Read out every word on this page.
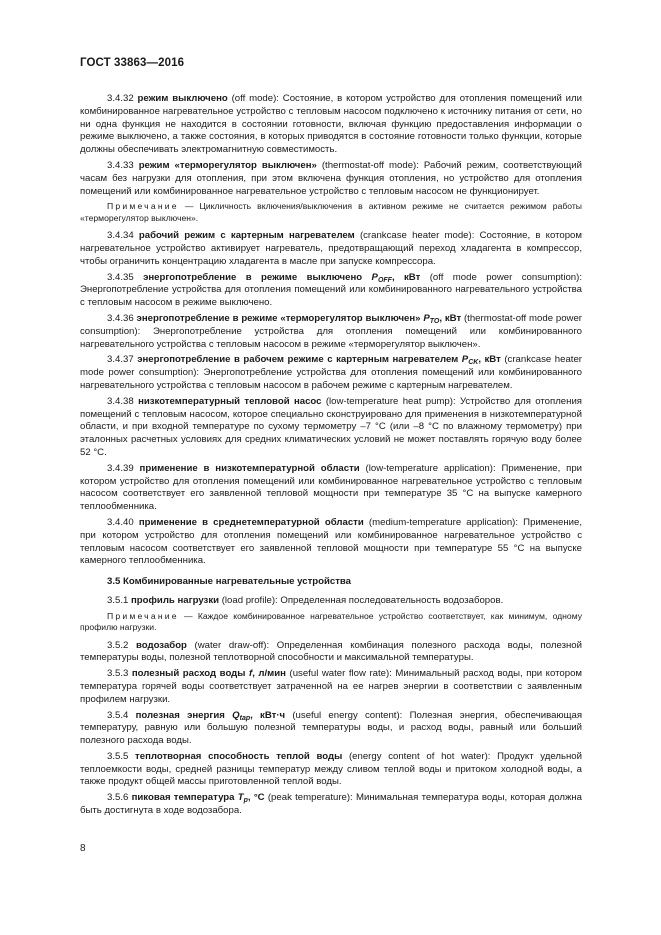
ГОСТ 33863—2016

3.4.32 режим выключено (off mode): Состояние, в котором устройство для отопления помещений или комбинированное нагревательное устройство с тепловым насосом подключено к источнику питания от сети, но ни одна функция не находится в состоянии готовности, включая функцию предоставления информации о режиме выключено, а также состояния, в которых приводятся в состояние готовности только функции, которые должны обеспечивать электромагнитную совместимость.

3.4.33 режим «терморегулятор выключен» (thermostat-off mode): Рабочий режим, соответствующий часам без нагрузки для отопления, при этом включена функция отопления, но устройство для отопления помещений или комбинированное нагревательное устройство с тепловым насосом не функционирует.

Примечание — Цикличность включения/выключения в активном режиме не считается режимом работы «терморегулятор выключен».

3.4.34 рабочий режим с картерным нагревателем (crankcase heater mode): Состояние, в котором нагревательное устройство активирует нагреватель, предотвращающий переход хладагента в компрессор, чтобы ограничить концентрацию хладагента в масле при запуске компрессора.

3.4.35 энергопотребление в режиме выключено $P_{OFF}$, кВт (off mode power consumption): Энергопотребление устройства для отопления помещений или комбинированного нагревательного устройства с тепловым насосом в режиме выключено.

3.4.36 энергопотребление в режиме «терморегулятор выключен» $P_{TO}$, кВт (thermostat-off mode power consumption): Энергопотребление устройства для отопления помещений или комбинированного нагревательного устройства с тепловым насосом в режиме «терморегулятор выключен».

3.4.37 энергопотребление в рабочем режиме с картерным нагревателем $P_{CK}$, кВт (crankcase heater mode power consumption): Энергопотребление устройства для отопления помещений или комбинированного нагревательного устройства с тепловым насосом в рабочем режиме с картерным нагревателем.

3.4.38 низкотемпературный тепловой насос (low-temperature heat pump): Устройство для отопления помещений с тепловым насосом, которое специально сконструировано для применения в низкотемпературной области, и при входной температуре по сухому термометру –7 °С (или –8 °С по влажному термометру) при эталонных расчетных условиях для средних климатических условий не может поставлять горячую воду более 52 °С.

3.4.39 применение в низкотемпературной области (low-temperature application): Применение, при котором устройство для отопления помещений или комбинированное нагревательное устройство с тепловым насосом соответствует его заявленной тепловой мощности при температуре 35 °С на выпуске камерного теплообменника.

3.4.40 применение в среднетемпературной области (medium-temperature application): Применение, при котором устройство для отопления помещений или комбинированное нагревательное устройство с тепловым насосом соответствует его заявленной тепловой мощности при температуре 55 °С на выпуске камерного теплообменника.

3.5 Комбинированные нагревательные устройства

3.5.1 профиль нагрузки (load profile): Определенная последовательность водозаборов.

Примечание — Каждое комбинированное нагревательное устройство соответствует, как минимум, одному профилю нагрузки.

3.5.2 водозабор (water draw-off): Определенная комбинация полезного расхода воды, полезной температуры воды, полезной теплотворной способности и максимальной температуры.

3.5.3 полезный расход воды f, л/мин (useful water flow rate): Минимальный расход воды, при котором температура горячей воды соответствует затраченной на ее нагрев энергии в соответствии с заявленным профилем нагрузки.

3.5.4 полезная энергия $Q_{tap}$, кВт·ч (useful energy content): Полезная энергия, обеспечивающая температуру, равную или большую полезной температуры воды, и расход воды, равный или больший полезного расхода воды.

3.5.5 теплотворная способность теплой воды (energy content of hot water): Продукт удельной теплоемкости воды, средней разницы температур между сливом теплой воды и притоком холодной воды, а также продукт общей массы приготовленной теплой воды.

3.5.6 пиковая температура $T_p$, °С (peak temperature): Минимальная температура воды, которая должна быть достигнута в ходе водозабора.

8
